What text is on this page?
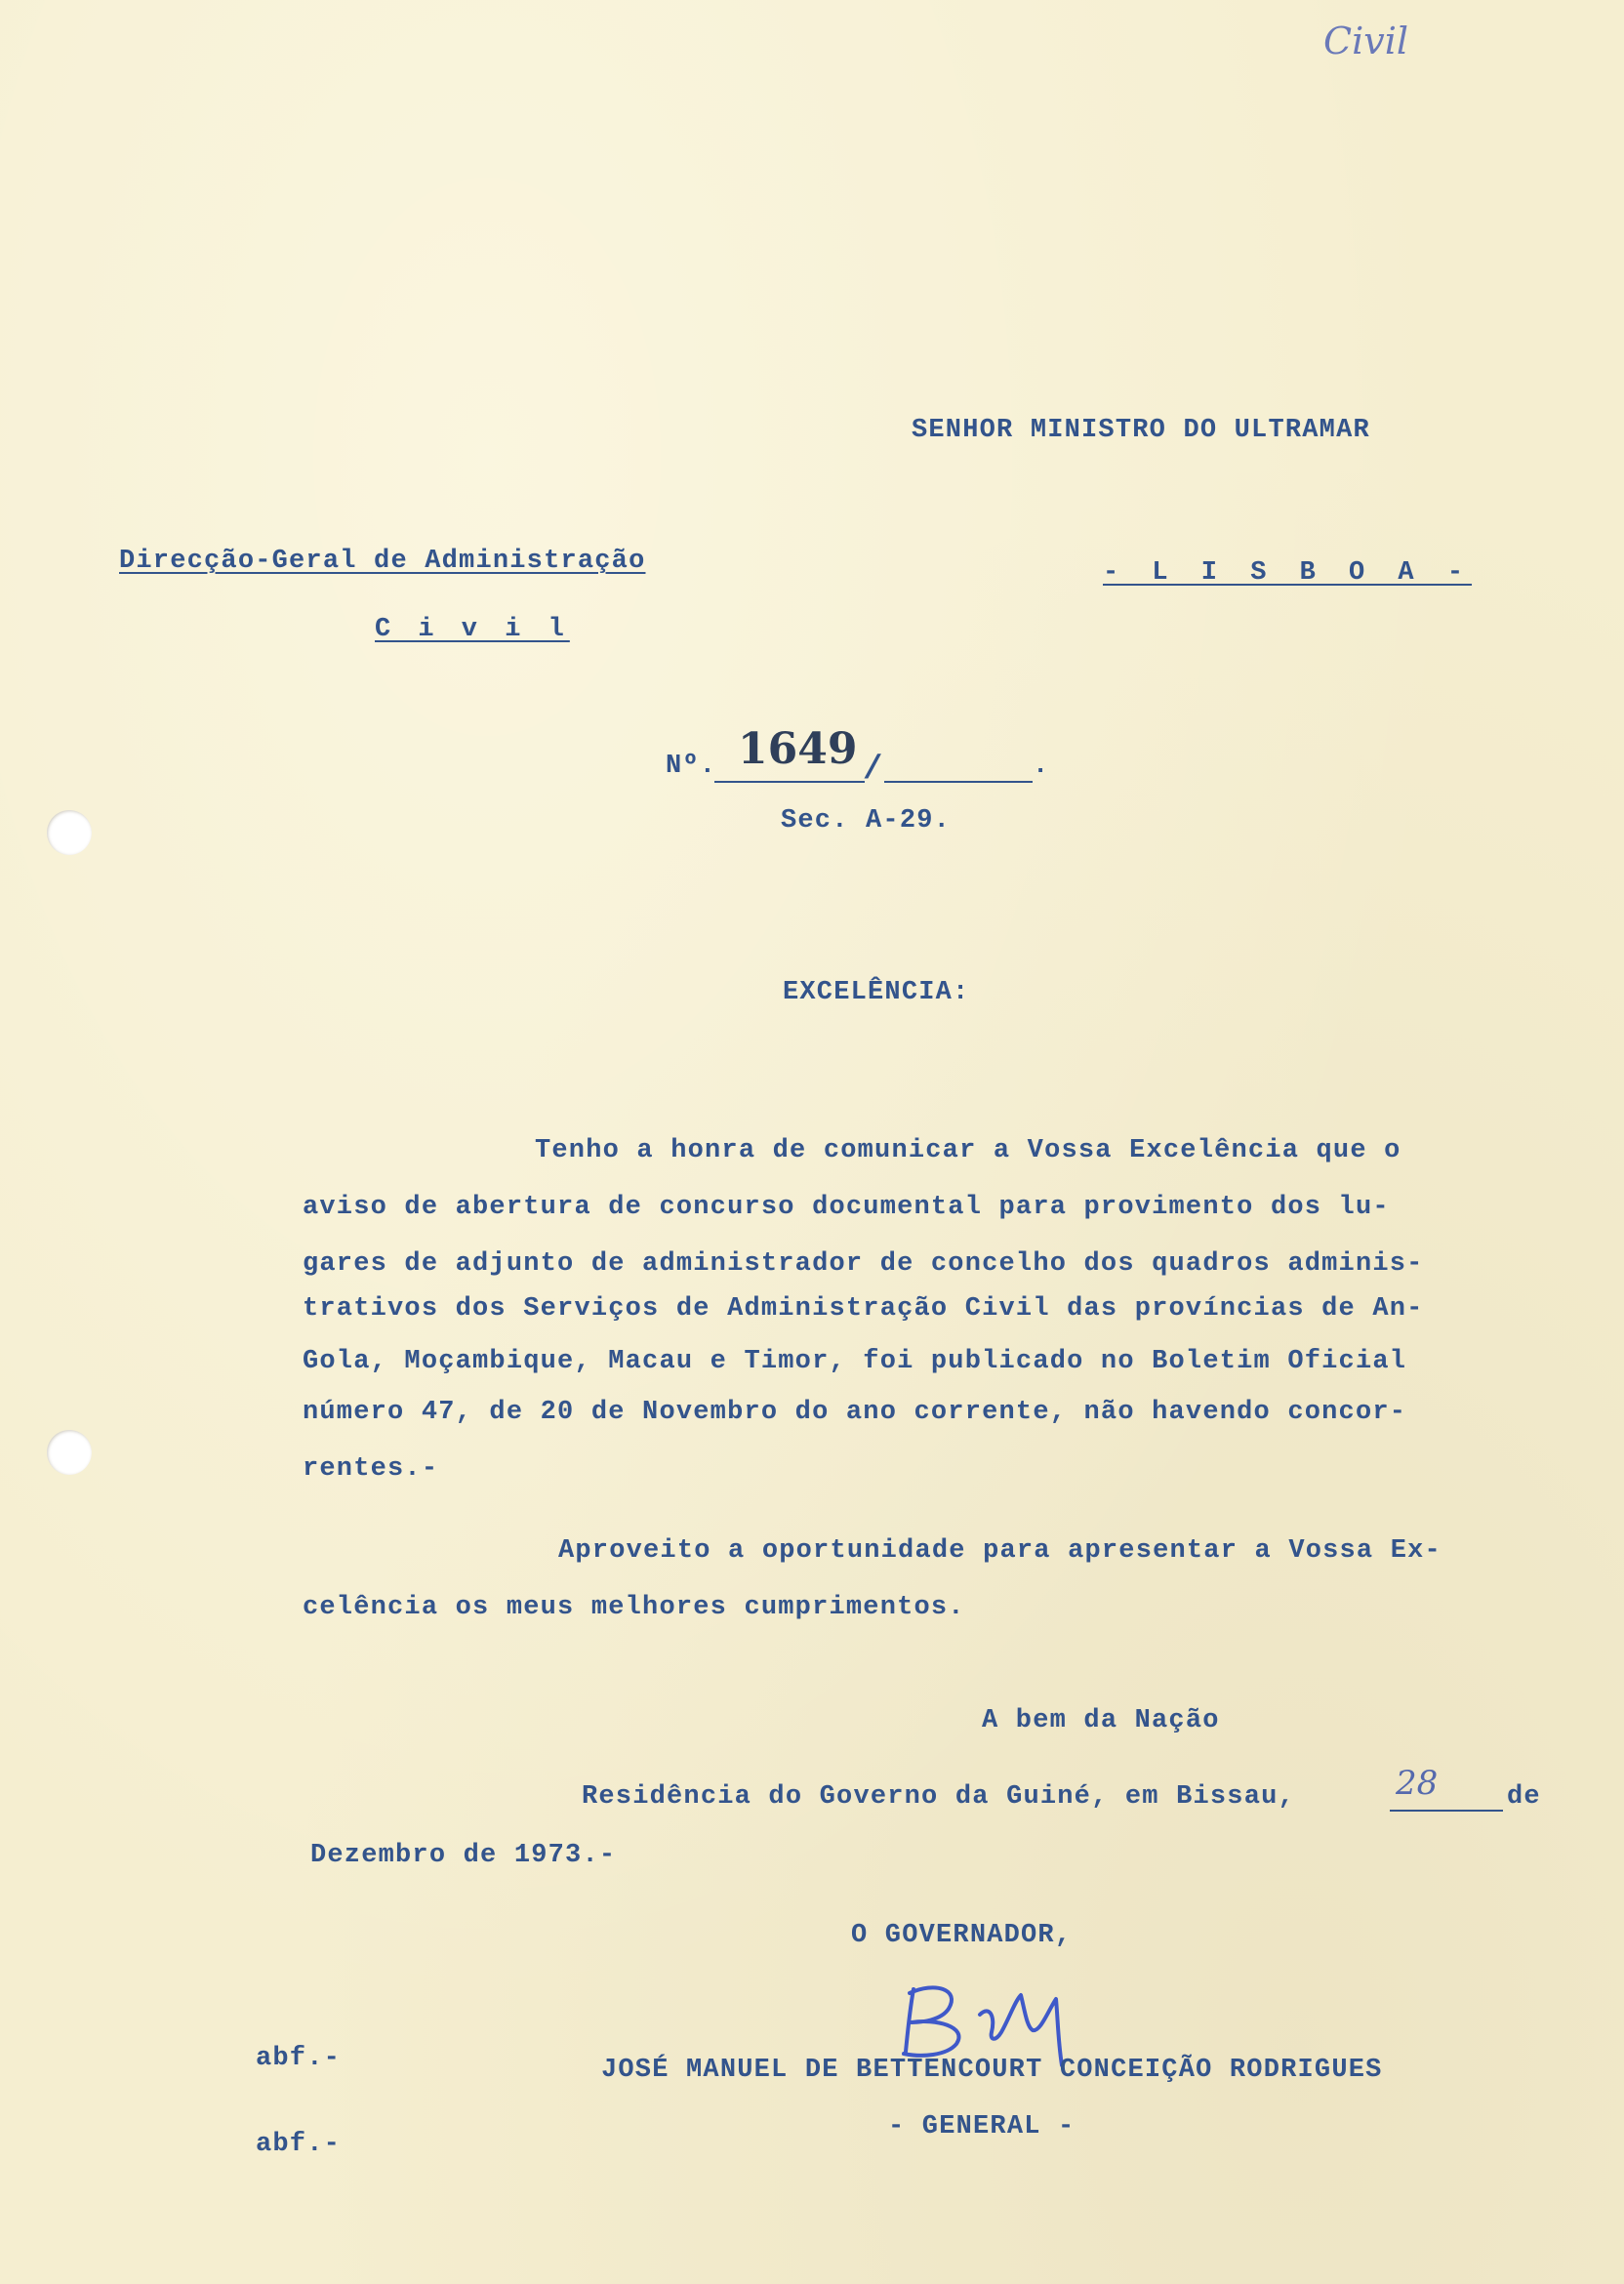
Civil
SENHOR MINISTRO DO ULTRAMAR
- L I S B O A -
Direcção-Geral de Administração
C i v i l
Nº. 1649 /	.
Sec. A-29.
EXCELÊNCIA:
Tenho a honra de comunicar a Vossa Excelência que o
aviso de abertura de concurso documental para provimento dos lu-
gares de adjunto de administrador de concelho dos quadros adminis-
trativos dos Serviços de Administração Civil das províncias de An-
Gola, Moçambique, Macau e Timor, foi publicado no Boletim Oficial
número 47, de 20 de Novembro do ano corrente, não havendo concor-
rentes.-
Aproveito a oportunidade para apresentar a Vossa Ex-
celência os meus melhores cumprimentos.
A bem da Nação
Residência do Governo da Guiné, em Bissau,	28	de
Dezembro de 1973.-
O GOVERNADOR,
JOSÉ MANUEL DE BETTENCOURT CONCEIÇÃO RODRIGUES
- GENERAL -
abf.-
abf.-
